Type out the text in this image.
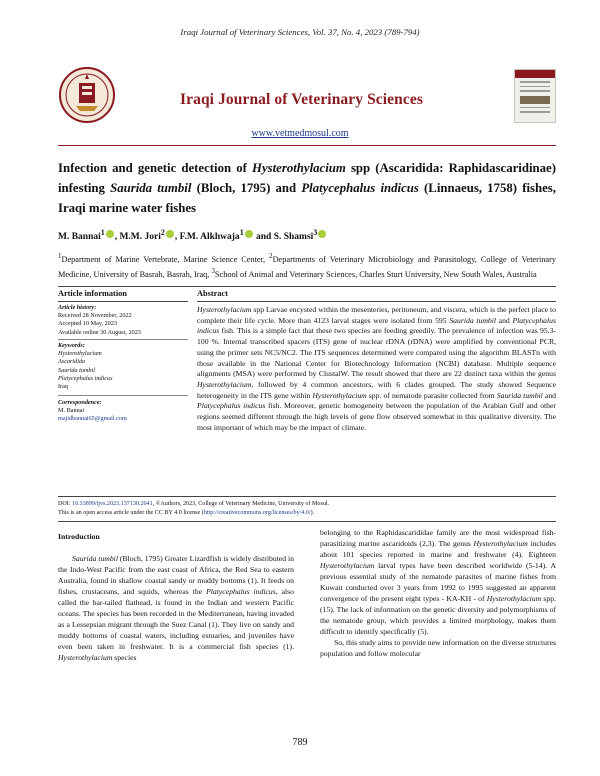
Iraqi Journal of Veterinary Sciences, Vol. 37, No. 4, 2023 (789-794)
Iraqi Journal of Veterinary Sciences
www.vetmedmosul.com
Infection and genetic detection of Hysterothylacium spp (Ascaridida: Raphidascaridinae) infesting Saurida tumbil (Bloch, 1795) and Platycephalus indicus (Linnaeus, 1758) fishes, Iraqi marine water fishes
M. Bannai$^1$ , M.M. Jori$^2$ , F.M. Alkhwaja$^1$ and S. Shamsi$^3$
$^1$Department of Marine Vertebrate, Marine Science Center, $^2$Departments of Veterinary Microbiology and Parasitology, College of Veterinary Medicine, University of Basrah, Basrah, Iraq, $^3$School of Animal and Veterinary Sciences, Charles Sturt University, New South Wales, Australia
Article information	Abstract
Article history:
Received 28 November, 2022
Accepted 10 May, 2023
Available online 30 August, 2023
Keywords:
Hysterothylacium
Ascaridida
Saurida tumbil
Platycephalus indicus
Iraq
Correspondence:
M. Bannai
majidbannai65@gmail.com
Hysterothylacium spp Larvae encysted within the mesenteries, peritoneum, and viscera, which is the perfect place to complete their life cycle. More than 4123 larval stages were isolated from 595 Saurida tumbil and Platycephalus indicus fish. This is a simple fact that these two species are feeding greedily. The prevalence of infection was 95.3- 100 %. Internal transcribed spacers (ITS) gene of nuclear rDNA (rDNA) were amplified by conventional PCR, using the primer sets NC5/NC2. The ITS sequences determined were compared using the algorithm BLASTn with those available in the National Center for Biotechnology Information (NCBI) database. Multiple sequence alignments (MSA) were performed by ClustalW. The result showed that there are 22 distinct taxa within the genus Hysterothylacium, followed by 4 common ancestors, with 6 clades grouped. The study showed Sequence heterogeneity in the ITS gene within Hysterothylacium spp. of nematode parasite collected from Saurida tumbil and Platycephalus indicus fish. Moreover, genetic homogeneity between the population of the Arabian Gulf and other regions seemed different through the high levels of gene flow observed somewhat in this qualitative diversity. The most important of which may be the impact of climate.
DOI: 10.33899/ijvs.2023.137130.2641, ©Authors, 2023, College of Veterinary Medicine, University of Mosul.
This is an open access article under the CC BY 4.0 license (http://creativecommons.org/licenses/by/4.0/).

Introduction

Saurida tumbil (Bloch, 1795) Greater Lizardfish is widely distributed in the Indo-West Pacific from the east coast of Africa, the Red Sea to eastern Australia, found in shallow coastal sandy or muddy bottoms (1). It feeds on fishes, crustaceans, and squids, whereas the Platycephalus indicus, also called the bar-tailed flathead, is found in the Indian and western Pacific oceans. The species has been recorded in the Mediterranean, having invaded as a Lessepsian migrant through the Suez Canal (1). They live on sandy and muddy bottoms of coastal waters, including estuaries, and juveniles have even been taken in freshwater. It is a commercial fish species (1). Hysterothylacium species

belonging to the Raphidascarididae family are the most widespread fish-parasitizing marine ascaridoids (2,3). The genus Hysterothylacium includes about 101 species reported in marine and freshwater (4). Eighteen Hysterothylacium larval types have been described worldwide (5-14). A previous essential study of the nematode parasites of marine fishes from Kuwait conducted over 3 years from 1992 to 1995 suggested an apparent convergence of the present eight types - KA-KH - of Hysterothylacium spp. (15). The lack of information on the genetic diversity and polymorphisms of the nematode group, which provides a limited morphology, makes them difficult to identify specifically (5).

So, this study aims to provide new information on the diverse structures population and follow molecular

789
